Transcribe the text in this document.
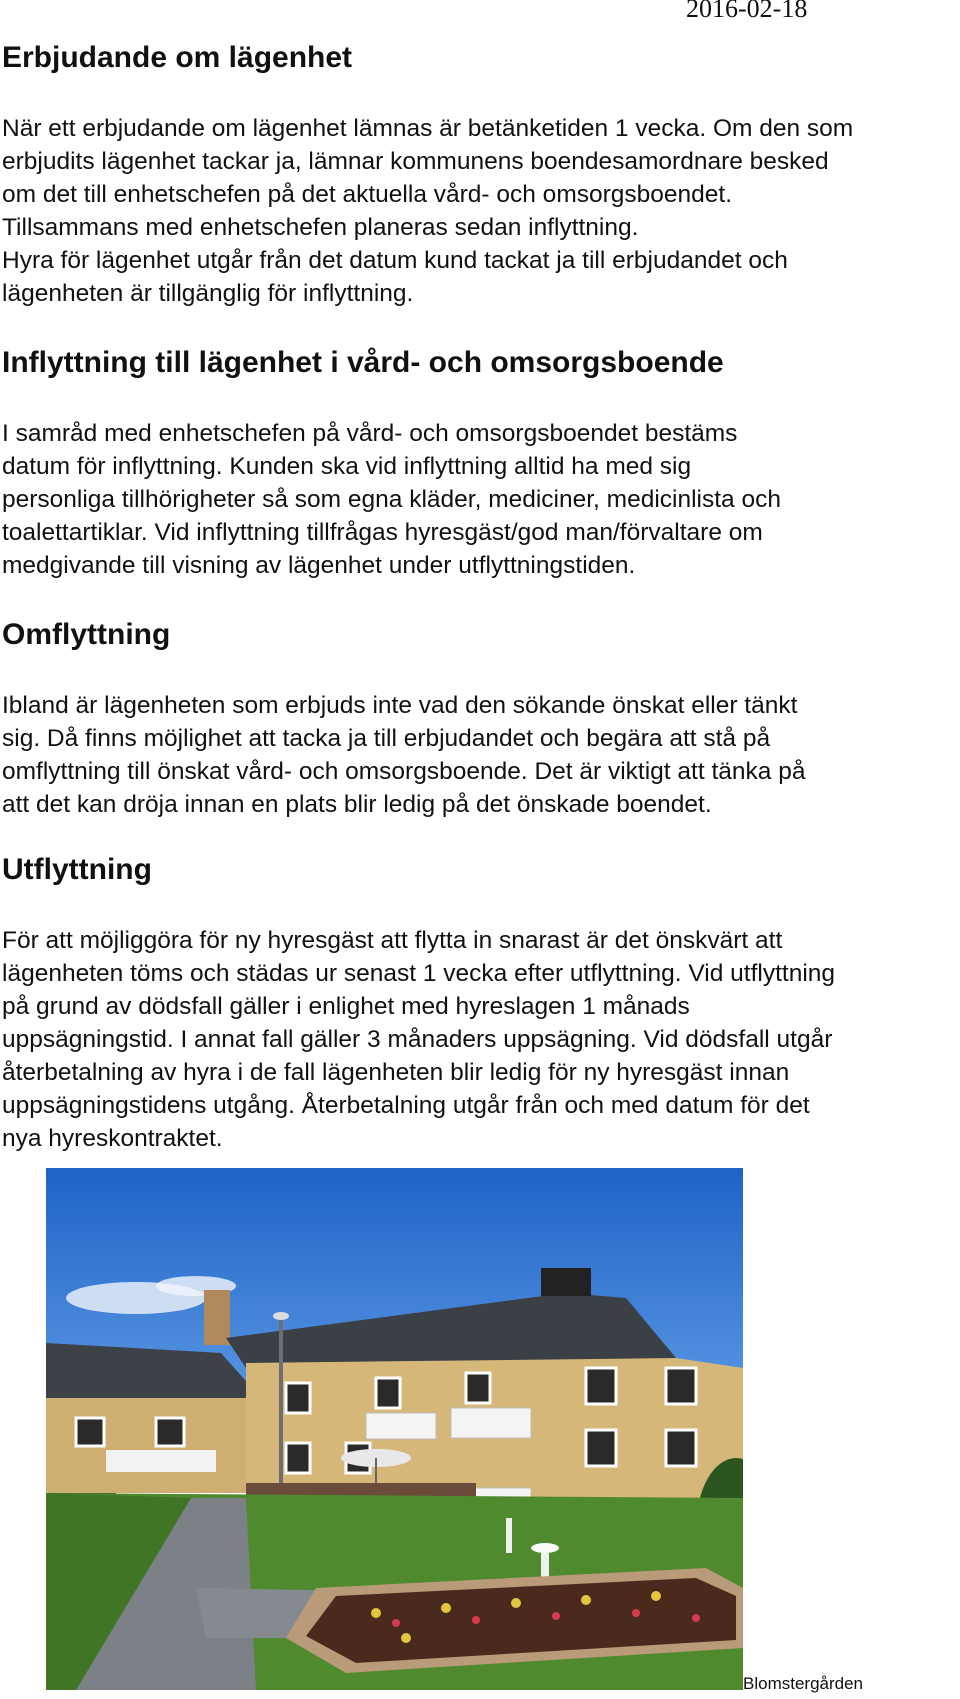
2016-02-18
Erbjudande om lägenhet
När ett erbjudande om lägenhet lämnas är betänketiden 1 vecka. Om den som
erbjudits lägenhet tackar ja, lämnar kommunens boendesamordnare besked
om det till enhetschefen på det aktuella vård- och omsorgsboendet.
Tillsammans med enhetschefen planeras sedan inflyttning.
Hyra för lägenhet utgår från det datum kund tackat ja till erbjudandet och
lägenheten är tillgänglig för inflyttning.
Inflyttning till lägenhet i vård- och omsorgsboende
I samråd med enhetschefen på vård- och omsorgsboendet bestäms
datum för inflyttning. Kunden ska vid inflyttning alltid ha med sig
personliga tillhörigheter så som egna kläder, mediciner, medicinlista och
toalettartiklar. Vid inflyttning tillfrågas hyresgäst/god man/förvaltare om
medgivande till visning av lägenhet under utflyttningstiden.
Omflyttning
Ibland är lägenheten som erbjuds inte vad den sökande önskat eller tänkt
sig. Då finns möjlighet att tacka ja till erbjudandet och begära att stå på
omflyttning till önskat vård- och omsorgsboende. Det är viktigt att tänka på
att det kan dröja innan en plats blir ledig på det önskade boendet.
Utflyttning
För att möjliggöra för ny hyresgäst att flytta in snarast är det önskvärt att
lägenheten töms och städas ur senast 1 vecka efter utflyttning. Vid utflyttning
på grund av dödsfall gäller i enlighet med hyreslagen 1 månads
uppsägningstid. I annat fall gäller 3 månaders uppsägning. Vid dödsfall utgår
återbetalning av hyra i de fall lägenheten blir ledig för ny hyresgäst innan
uppsägningstidens utgång. Återbetalning utgår från och med datum för det
nya hyreskontraktet.
Blomstergården
